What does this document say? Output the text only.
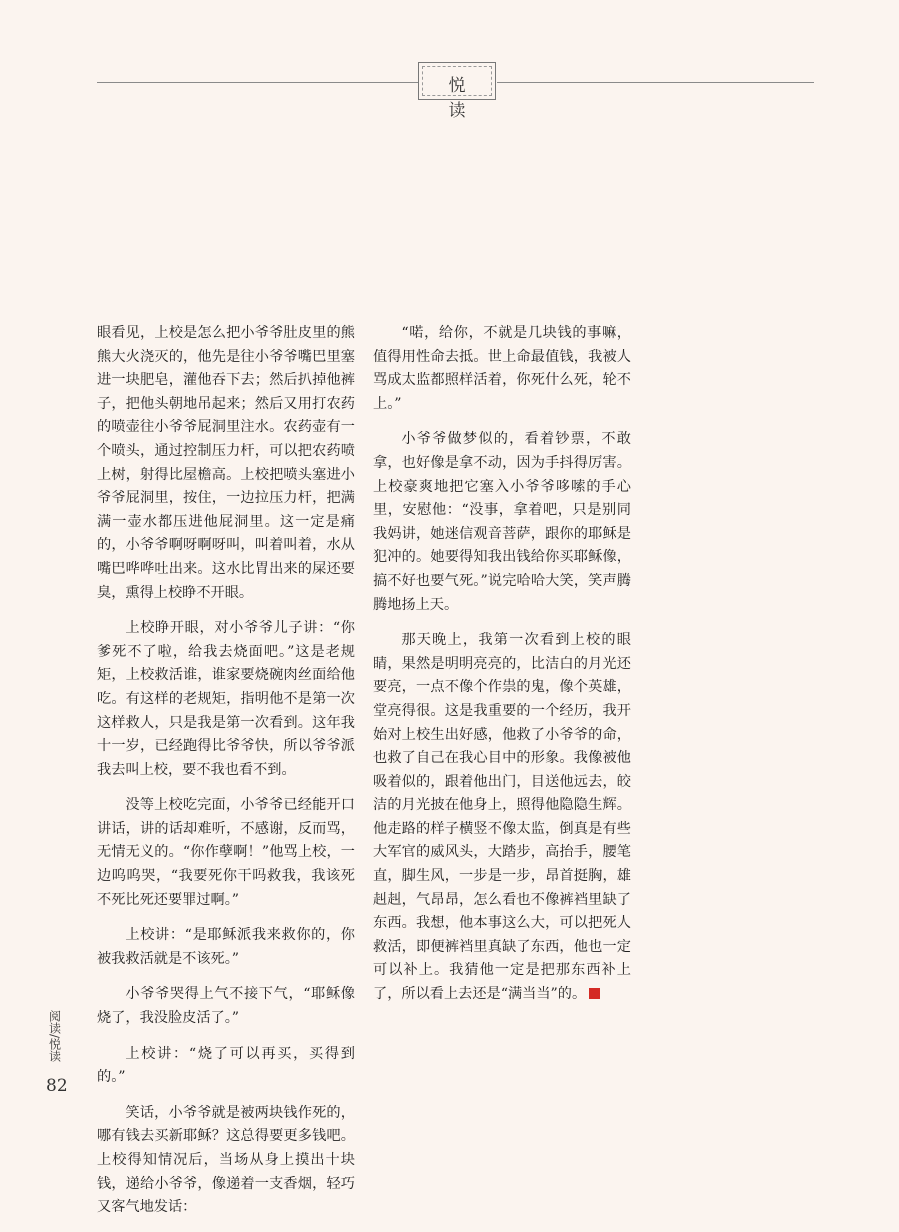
悦 读

眼看见，上校是怎么把小爷爷肚皮里的熊熊大火浇灭的，他先是往小爷爷嘴巴里塞进一块肥皂，灌他吞下去；然后扒掉他裤子，把他头朝地吊起来；然后又用打农药的喷壶往小爷爷屁洞里注水。农药壶有一个喷头，通过控制压力杆，可以把农药喷上树，射得比屋檐高。上校把喷头塞进小爷爷屁洞里，按住，一边拉压力杆，把满满一壶水都压进他屁洞里。这一定是痛的，小爷爷啊呀啊呀叫，叫着叫着，水从嘴巴哗哗吐出来。这水比胃出来的屎还要臭，熏得上校睁不开眼。

上校睁开眼，对小爷爷儿子讲：“你爹死不了啦，给我去烧面吧。”这是老规矩，上校救活谁，谁家要烧碗肉丝面给他吃。有这样的老规矩，指明他不是第一次这样救人，只是我是第一次看到。这年我十一岁，已经跑得比爷爷快，所以爷爷派我去叫上校，要不我也看不到。

没等上校吃完面，小爷爷已经能开口讲话，讲的话却难听，不感谢，反而骂，无情无义的。“你作孽啊！”他骂上校，一边呜呜哭，“我要死你干吗救我，我该死不死比死还要罪过啊。”

上校讲：“是耶稣派我来救你的，你被我救活就是不该死。”

小爷爷哭得上气不接下气，“耶稣像烧了，我没脸皮活了。”

上校讲：“烧了可以再买，买得到的。”

笑话，小爷爷就是被两块钱作死的，哪有钱去买新耶稣？这总得要更多钱吧。上校得知情况后，当场从身上摸出十块钱，递给小爷爷，像递着一支香烟，轻巧又客气地发话：

“喏，给你，不就是几块钱的事嘛，值得用性命去抵。世上命最值钱，我被人骂成太监都照样活着，你死什么死，轮不上。”

小爷爷做梦似的，看着钞票，不敢拿，也好像是拿不动，因为手抖得厉害。上校豪爽地把它塞入小爷爷哆嗦的手心里，安慰他：“没事，拿着吧，只是别同我妈讲，她迷信观音菩萨，跟你的耶稣是犯冲的。她要得知我出钱给你买耶稣像，搞不好也要气死。”说完哈哈大笑，笑声腾腾地扬上天。

那天晚上，我第一次看到上校的眼睛，果然是明明亮亮的，比洁白的月光还要亮，一点不像个作祟的鬼，像个英雄，堂亮得很。这是我重要的一个经历，我开始对上校生出好感，他救了小爷爷的命，也救了自己在我心目中的形象。我像被他吸着似的，跟着他出门，目送他远去，皎洁的月光披在他身上，照得他隐隐生辉。他走路的样子横竖不像太监，倒真是有些大军官的威风头，大踏步，高抬手，腰笔直，脚生风，一步是一步，昂首挺胸，雄赳赳，气昂昂，怎么看也不像裤裆里缺了东西。我想，他本事这么大，可以把死人救活，即便裤裆里真缺了东西，他也一定可以补上。我猜他一定是把那东西补上了，所以看上去还是“满当当”的。

阅读/悦读
82
